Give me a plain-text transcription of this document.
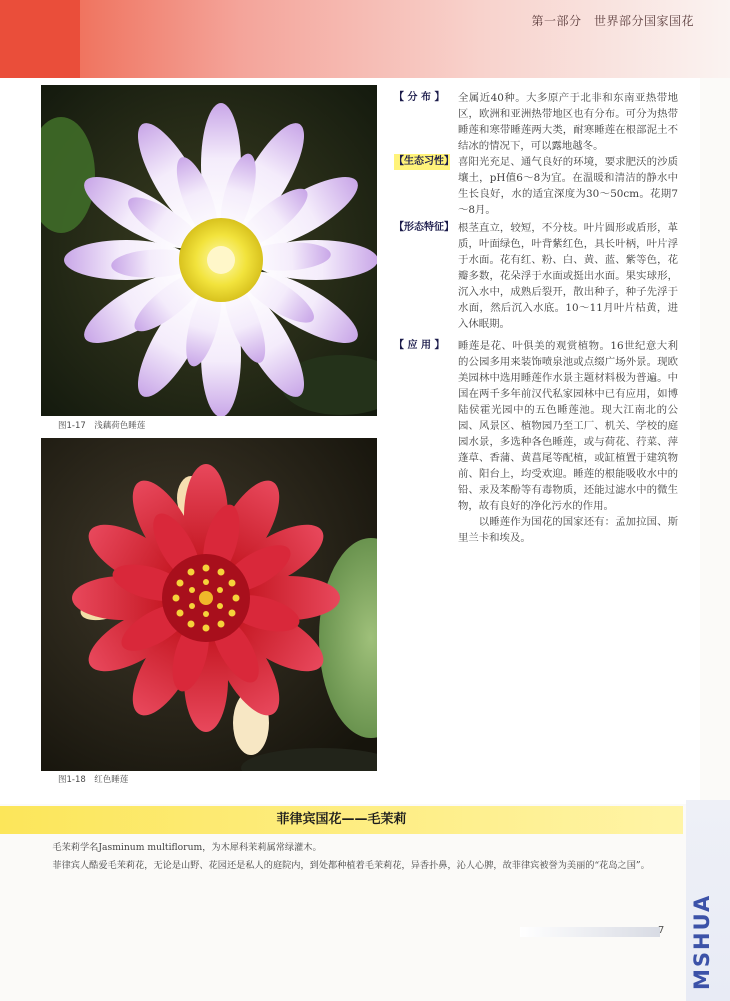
第一部分　世界部分国家国花
图1-17　浅藕荷色睡莲
图1-18　红色睡莲
【 分 布 】	全属近40种。大多原产于北非和东南亚热带地区，欧洲和亚洲热带地区也有分布。可分为热带睡莲和寒带睡莲两大类，耐寒睡莲在根部泥土不结冰的情况下，可以露地越冬。
【生态习性】 喜阳光充足、通气良好的环境，要求肥沃的沙质壤土，pH值6～8为宜。在温暖和清洁的静水中生长良好，水的适宜深度为30～50cm。花期7～8月。
【形态特征】 根茎直立，较短，不分枝。叶片圆形或盾形，革质，叶面绿色，叶背紫红色，具长叶柄，叶片浮于水面。花有红、粉、白、黄、蓝、紫等色，花瓣多数，花朵浮于水面或挺出水面。果实球形，沉入水中，成熟后裂开，散出种子，种子先浮于水面，然后沉入水底。10～11月叶片枯黄，进入休眠期。
【 应 用 】	睡莲是花、叶俱美的观赏植物。16世纪意大利的公园多用来装饰喷泉池或点缀广场外景。现欧美园林中选用睡莲作水景主题材料极为普遍。中国在两千多年前汉代私家园林中已有应用，如博陆侯霍光园中的五色睡莲池。现大江南北的公园、风景区、植物园乃至工厂、机关、学校的庭园水景，多选种各色睡莲，或与荷花、荇菜、萍蓬草、香蒲、黄菖尾等配植，或缸植置于建筑物前、阳台上，均受欢迎。睡莲的根能吸收水中的铅、汞及苯酚等有毒物质，还能过滤水中的微生物，故有良好的净化污水的作用。
以睡莲作为国花的国家还有：孟加拉国、斯里兰卡和埃及。
菲律宾国花——毛茉莉
毛茉莉学名Jasminum multiflorum，为木犀科茉莉属常绿灌木。
菲律宾人酷爱毛茉莉花，无论是山野、花园还是私人的庭院内，到处都种植着毛茉莉花，异香扑鼻，沁人心脾，故菲律宾被誉为美丽的“花岛之国”。
MSHUA
7
